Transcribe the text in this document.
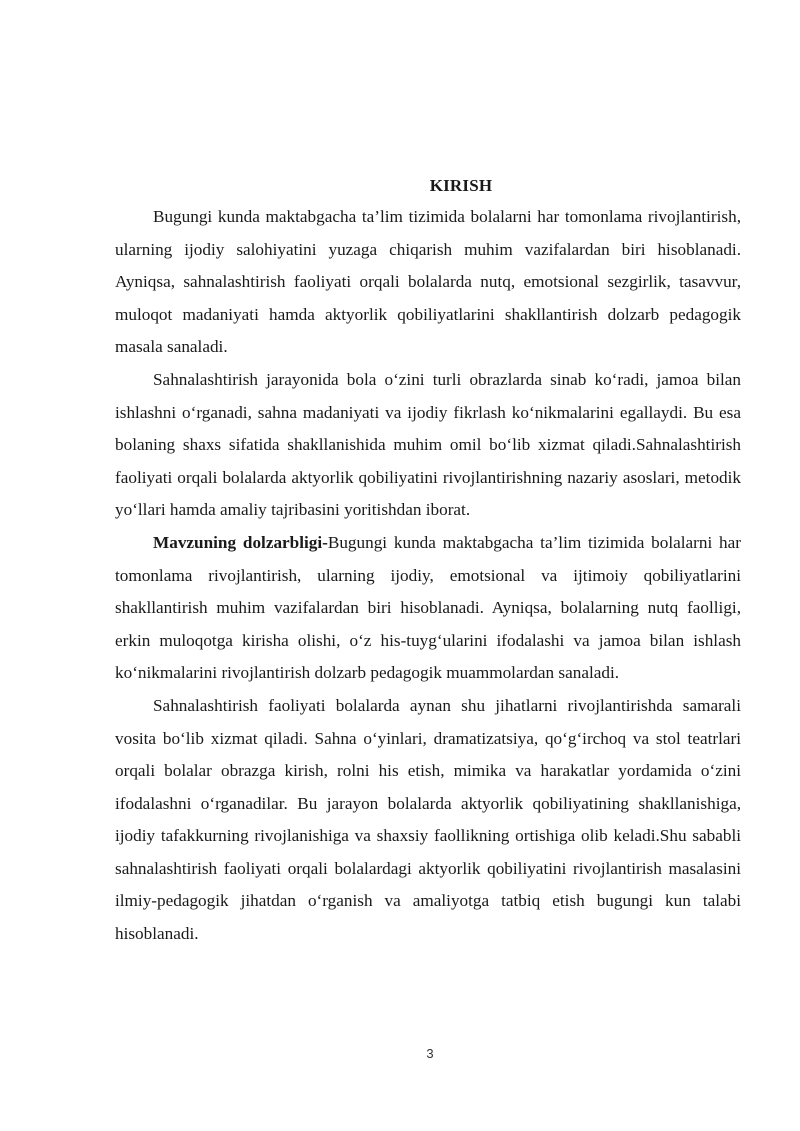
KIRISH

Bugungi kunda maktabgacha ta’lim tizimida bolalarni har tomonlama rivojlantirish, ularning ijodiy salohiyatini yuzaga chiqarish muhim vazifalardan biri hisoblanadi. Ayniqsa, sahnalashtirish faoliyati orqali bolalarda nutq, emotsional sezgirlik, tasavvur, muloqot madaniyati hamda aktyorlik qobiliyatlarini shakllantirish dolzarb pedagogik masala sanaladi.

Sahnalashtirish jarayonida bola o‘zini turli obrazlarda sinab ko‘radi, jamoa bilan ishlashni o‘rganadi, sahna madaniyati va ijodiy fikrlash ko‘nikmalarini egallaydi. Bu esa bolaning shaxs sifatida shakllanishida muhim omil bo‘lib xizmat qiladi.Sahnalashtirish faoliyati orqali bolalarda aktyorlik qobiliyatini rivojlantirishning nazariy asoslari, metodik yo‘llari hamda amaliy tajribasini yoritishdan iborat.

Mavzuning dolzarbligi-Bugungi kunda maktabgacha ta’lim tizimida bolalarni har tomonlama rivojlantirish, ularning ijodiy, emotsional va ijtimoiy qobiliyatlarini shakllantirish muhim vazifalardan biri hisoblanadi. Ayniqsa, bolalarning nutq faolligi, erkin muloqotga kirisha olishi, o‘z his-tuyg‘ularini ifodalashi va jamoa bilan ishlash ko‘nikmalarini rivojlantirish dolzarb pedagogik muammolardan sanaladi.

Sahnalashtirish faoliyati bolalarda aynan shu jihatlarni rivojlantirishda samarali vosita bo‘lib xizmat qiladi. Sahna o‘yinlari, dramatizatsiya, qo‘g‘irchoq va stol teatrlari orqali bolalar obrazga kirish, rolni his etish, mimika va harakatlar yordamida o‘zini ifodalashni o‘rganadilar. Bu jarayon bolalarda aktyorlik qobiliyatining shakllanishiga, ijodiy tafakkurning rivojlanishiga va shaxsiy faollikning ortishiga olib keladi.Shu sababli sahnalashtirish faoliyati orqali bolalardagi aktyorlik qobiliyatini rivojlantirish masalasini ilmiy-pedagogik jihatdan o‘rganish va amaliyotga tatbiq etish bugungi kun talabi hisoblanadi.

3
